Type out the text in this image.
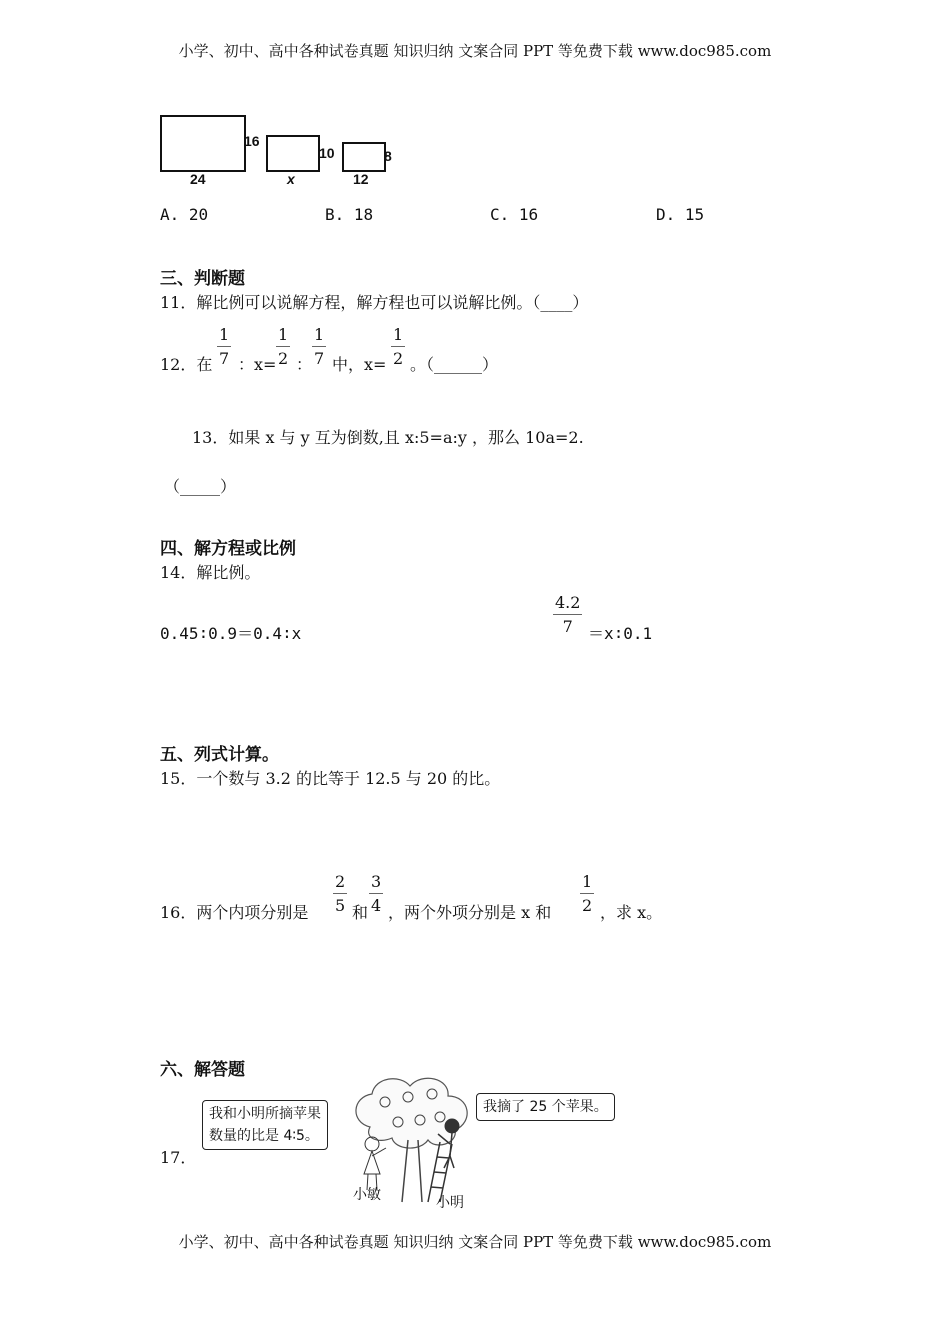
小学、初中、高中各种试卷真题 知识归纳 文案合同 PPT 等免费下载 www.doc985.com
16
24
10
x
8
12
A. 20	B. 18	C. 16	D. 15
三、判断题
11．解比例可以说解方程，解方程也可以说解比例。（____）
12．在 $\frac{1}{7}$ ：$x= \frac{1}{2}$ ： $\frac{1}{7}$ 中，$x= \frac{1}{2}$ 。（______）
13．如果 x 与 y 互为倒数,且 x:5=a:y ，那么 10a=2.
（_____）
四、解方程或比例
14．解比例。
0.45∶0.9＝0.4∶x	$\frac{4.2}{7}$ ＝x∶0.1
五、列式计算。
15．一个数与 3.2 的比等于 12.5 与 20 的比。
16．两个内项分别是 $\frac{2}{5}$ 和 $\frac{3}{4}$ ，两个外项分别是 x 和 $\frac{1}{2}$ ，求 x。
六、解答题
17．
我和小明所摘苹果
数量的比是 4∶5。
我摘了 25 个苹果。
小敏	小明
小学、初中、高中各种试卷真题 知识归纳 文案合同 PPT 等免费下载 www.doc985.com
